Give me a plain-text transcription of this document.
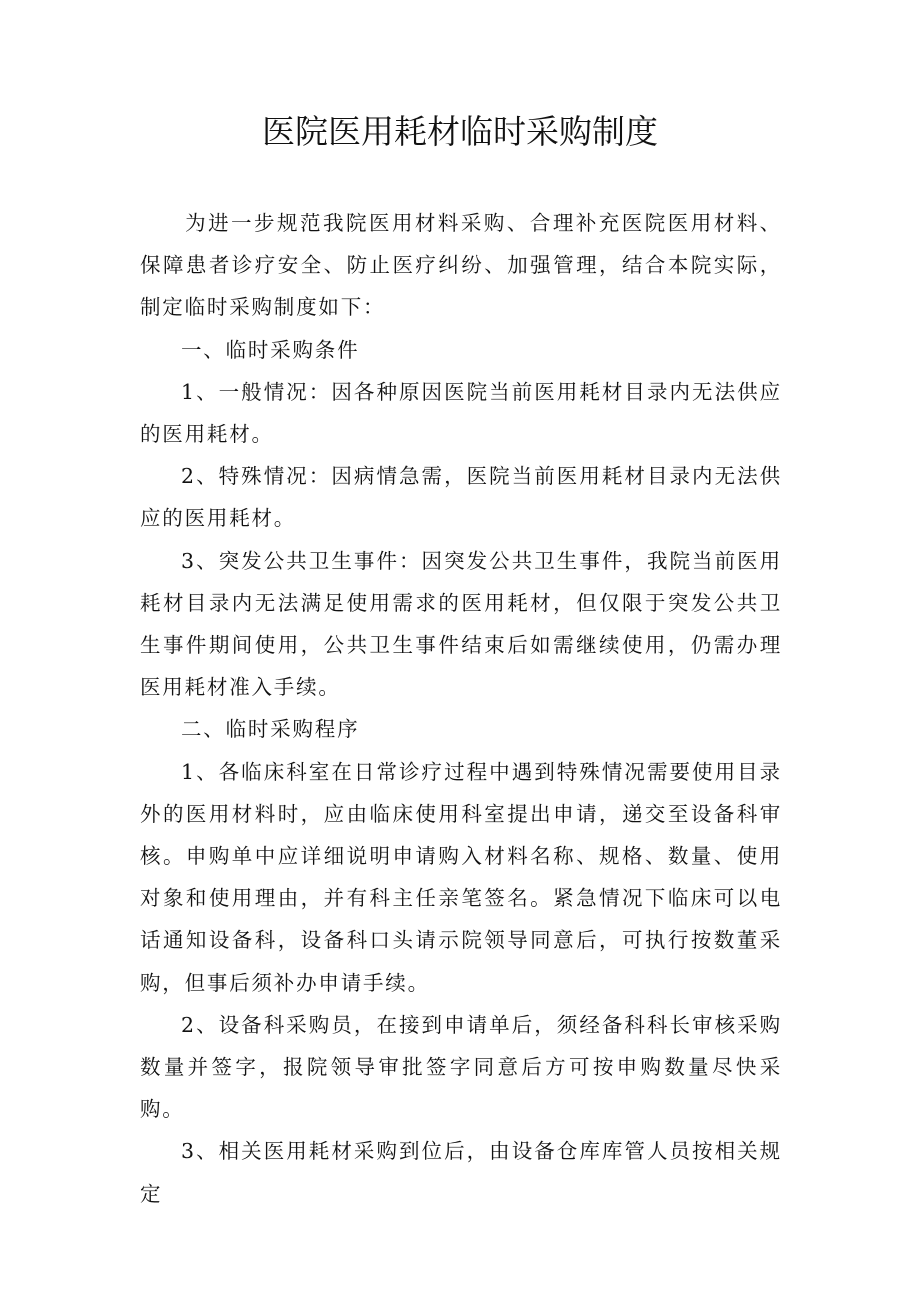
医院医用耗材临时采购制度

为进一步规范我院医用材料采购、合理补充医院医用材料、保障患者诊疗安全、防止医疗纠纷、加强管理，结合本院实际，制定临时采购制度如下：

一、临时采购条件

1、一般情况：因各种原因医院当前医用耗材目录内无法供应的医用耗材。

2、特殊情况：因病情急需，医院当前医用耗材目录内无法供应的医用耗材。

3、突发公共卫生事件：因突发公共卫生事件，我院当前医用耗材目录内无法满足使用需求的医用耗材，但仅限于突发公共卫生事件期间使用，公共卫生事件结束后如需继续使用，仍需办理医用耗材准入手续。

二、临时采购程序

1、各临床科室在日常诊疗过程中遇到特殊情况需要使用目录外的医用材料时，应由临床使用科室提出申请，递交至设备科审核。申购单中应详细说明申请购入材料名称、规格、数量、使用对象和使用理由，并有科主任亲笔签名。紧急情况下临床可以电话通知设备科，设备科口头请示院领导同意后，可执行按数董采购，但事后须补办申请手续。

2、设备科采购员，在接到申请单后，须经备科科长审核采购数量并签字，报院领导审批签字同意后方可按申购数量尽快采购。

3、相关医用耗材采购到位后，由设备仓库库管人员按相关规定
